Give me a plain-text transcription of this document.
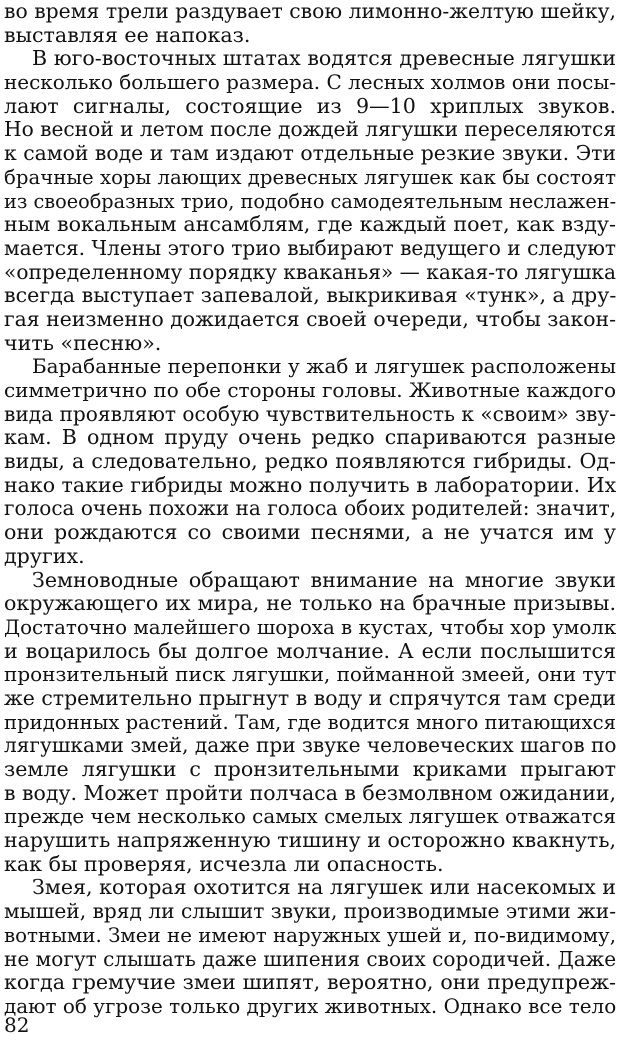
во время трели раздувает свою лимонно-желтую шейку,
выставляя ее напоказ.
В юго-восточных штатах водятся древесные лягушки
несколько большего размера. С лесных холмов они посы-
лают сигналы, состоящие из 9—10 хриплых звуков.
Но весной и летом после дождей лягушки переселяются
к самой воде и там издают отдельные резкие звуки. Эти
брачные хоры лающих древесных лягушек как бы состоят
из своеобразных трио, подобно самодеятельным неслажен-
ным вокальным ансамблям, где каждый поет, как взду-
мается. Члены этого трио выбирают ведущего и следуют
«определенному порядку кваканья» — какая-то лягушка
всегда выступает запевалой, выкрикивая «тунк», а дру-
гая неизменно дожидается своей очереди, чтобы закон-
чить «песню».
Барабанные перепонки у жаб и лягушек расположены
симметрично по обе стороны головы. Животные каждого
вида проявляют особую чувствительность к «своим» зву-
кам. В одном пруду очень редко спариваются разные
виды, а следовательно, редко появляются гибриды. Од-
нако такие гибриды можно получить в лаборатории. Их
голоса очень похожи на голоса обоих родителей: значит,
они рождаются со своими песнями, а не учатся им у
других.
Земноводные обращают внимание на многие звуки
окружающего их мира, не только на брачные призывы.
Достаточно малейшего шороха в кустах, чтобы хор умолк
и воцарилось бы долгое молчание. А если послышится
пронзительный писк лягушки, пойманной змеей, они тут
же стремительно прыгнут в воду и спрячутся там среди
придонных растений. Там, где водится много питающихся
лягушками змей, даже при звуке человеческих шагов по
земле лягушки с пронзительными криками прыгают
в воду. Может пройти полчаса в безмолвном ожидании,
прежде чем несколько самых смелых лягушек отважатся
нарушить напряженную тишину и осторожно квакнуть,
как бы проверяя, исчезла ли опасность.
Змея, которая охотится на лягушек или насекомых и
мышей, вряд ли слышит звуки, производимые этими жи-
вотными. Змеи не имеют наружных ушей и, по-видимому,
не могут слышать даже шипения своих сородичей. Даже
когда гремучие змеи шипят, вероятно, они предупреж-
дают об угрозе только других животных. Однако все тело
82
